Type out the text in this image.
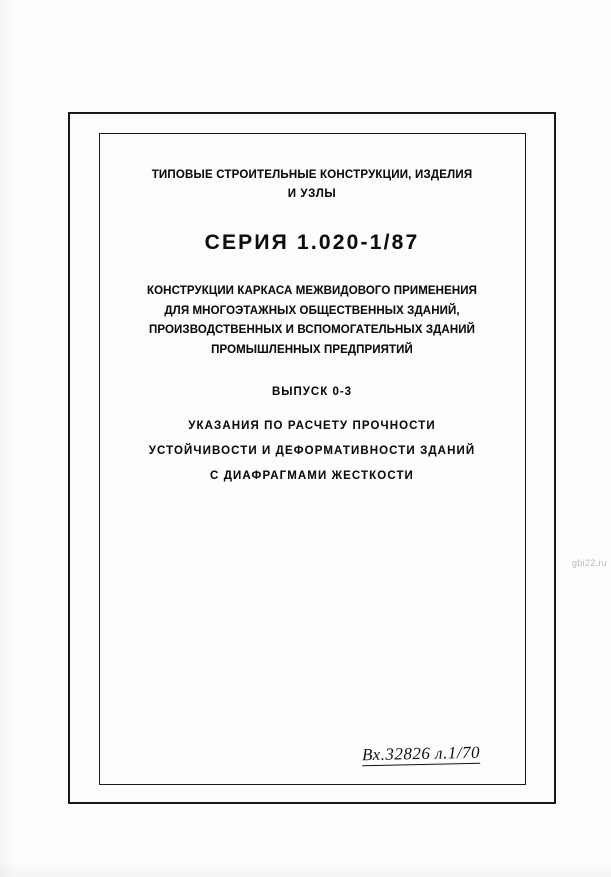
ТИПОВЫЕ СТРОИТЕЛЬНЫЕ КОНСТРУКЦИИ, ИЗДЕЛИЯ
И УЗЛЫ
СЕРИЯ 1.020-1/87
КОНСТРУКЦИИ КАРКАСА МЕЖВИДОВОГО ПРИМЕНЕНИЯ
ДЛЯ МНОГОЭТАЖНЫХ ОБЩЕСТВЕННЫХ ЗДАНИЙ,
ПРОИЗВОДСТВЕННЫХ И ВСПОМОГАТЕЛЬНЫХ ЗДАНИЙ
ПРОМЫШЛЕННЫХ ПРЕДПРИЯТИЙ
ВЫПУСК 0-3
УКАЗАНИЯ ПО РАСЧЕТУ ПРОЧНОСТИ
УСТОЙЧИВОСТИ И ДЕФОРМАТИВНОСТИ ЗДАНИЙ
С ДИАФРАГМАМИ ЖЕСТКОСТИ
Вх.32826 л.1/70
gbi22.ru
